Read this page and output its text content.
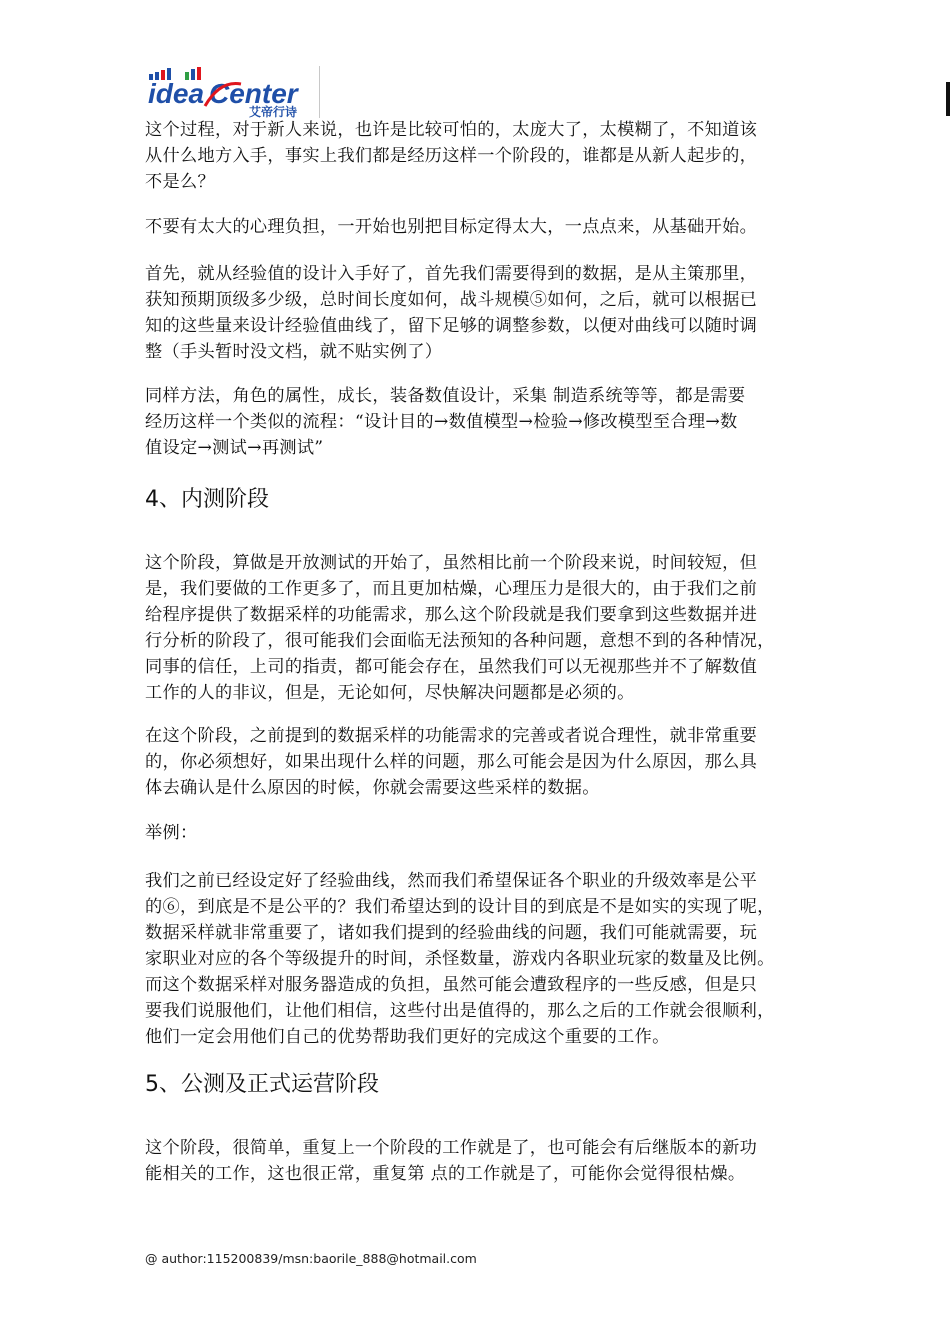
idea Center
艾帝行诗
这个过程，对于新人来说，也许是比较可怕的，太庞大了，太模糊了，不知道该
从什么地方入手，事实上我们都是经历这样一个阶段的，谁都是从新人起步的，
不是么？
不要有太大的心理负担，一开始也别把目标定得太大，一点点来，从基础开始。
首先，就从经验值的设计入手好了，首先我们需要得到的数据，是从主策那里，
获知预期顶级多少级，总时间长度如何，战斗规模⑤如何，之后，就可以根据已
知的这些量来设计经验值曲线了，留下足够的调整参数，以便对曲线可以随时调
整（手头暂时没文档，就不贴实例了）
同样方法，角色的属性，成长，装备数值设计，采集 制造系统等等，都是需要
经历这样一个类似的流程：“设计目的→数值模型→检验→修改模型至合理→数
值设定→测试→再测试”
4、内测阶段
这个阶段，算做是开放测试的开始了，虽然相比前一个阶段来说，时间较短，但
是，我们要做的工作更多了，而且更加枯燥，心理压力是很大的，由于我们之前
给程序提供了数据采样的功能需求，那么这个阶段就是我们要拿到这些数据并进
行分析的阶段了，很可能我们会面临无法预知的各种问题，意想不到的各种情况，
同事的信任，上司的指责，都可能会存在，虽然我们可以无视那些并不了解数值
工作的人的非议，但是，无论如何，尽快解决问题都是必须的。
在这个阶段，之前提到的数据采样的功能需求的完善或者说合理性，就非常重要
的，你必须想好，如果出现什么样的问题，那么可能会是因为什么原因，那么具
体去确认是什么原因的时候，你就会需要这些采样的数据。
举例：
我们之前已经设定好了经验曲线，然而我们希望保证各个职业的升级效率是公平
的⑥，到底是不是公平的？我们希望达到的设计目的到底是不是如实的实现了呢，
数据采样就非常重要了，诸如我们提到的经验曲线的问题，我们可能就需要，玩
家职业对应的各个等级提升的时间，杀怪数量，游戏内各职业玩家的数量及比例。
而这个数据采样对服务器造成的负担，虽然可能会遭致程序的一些反感，但是只
要我们说服他们，让他们相信，这些付出是值得的，那么之后的工作就会很顺利，
他们一定会用他们自己的优势帮助我们更好的完成这个重要的工作。
5、公测及正式运营阶段
这个阶段，很简单，重复上一个阶段的工作就是了，也可能会有后继版本的新功
能相关的工作，这也很正常，重复第 点的工作就是了，可能你会觉得很枯燥。
@ author:115200839/msn:baorile_888@hotmail.com
